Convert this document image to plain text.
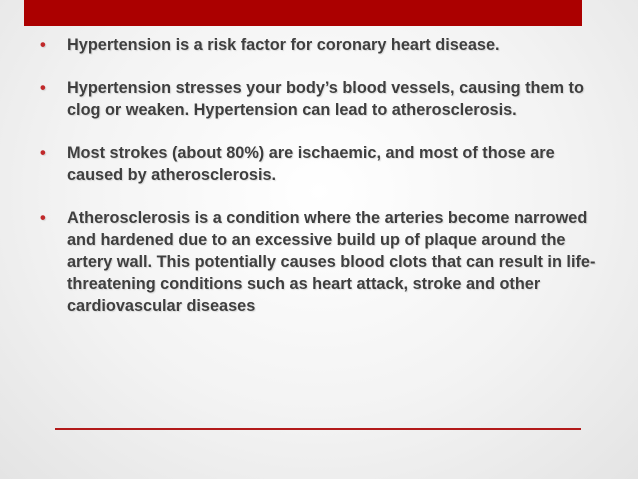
• Hypertension is a risk factor for coronary heart disease.
• Hypertension stresses your body’s blood vessels, causing them to clog or weaken. Hypertension can lead to atherosclerosis.
• Most strokes (about 80%) are ischaemic, and most of those are caused by atherosclerosis.
• Atherosclerosis is a condition where the arteries become narrowed and hardened due to an excessive build up of plaque around the artery wall. This potentially causes blood clots that can result in life-threatening conditions such as heart attack, stroke and other cardiovascular diseases
